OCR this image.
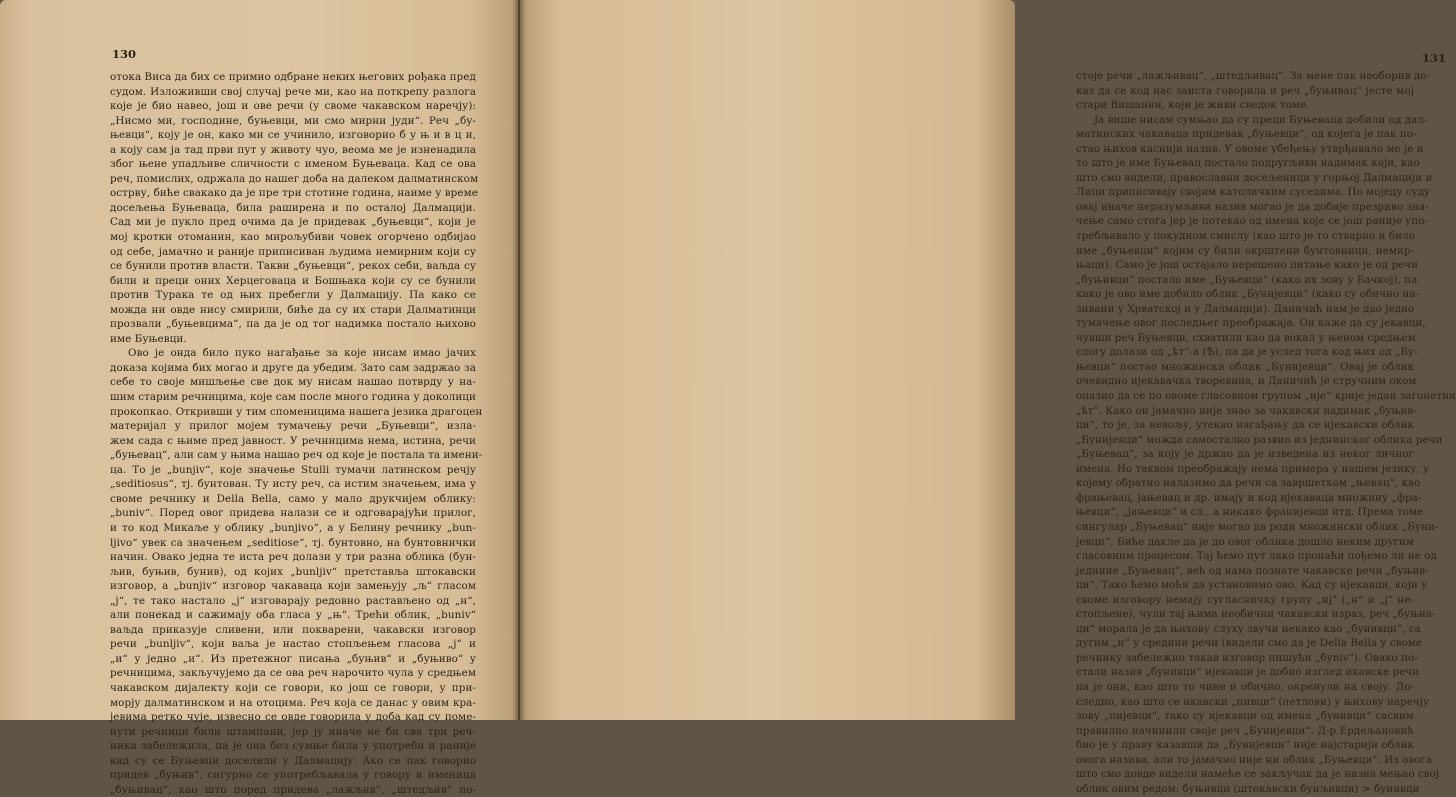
130
отока Виса да бих се примио одбране неких његових рођака пред
судом. Изложивши свој случај рече ми, као на поткрепу разлога
које је био навео, још и ове речи (у своме чакавском наречју):
„Нисмо ми, господине, буњевци, ми смо мирни јуди“. Реч „бу-
њевци“, коју је он, како ми се учинило, изговорио б у њ и в ц и,
а коју сам ја тад први пут у животу чуо, веома ме је изненадила
због њене упадљиве сличности с именом Буњеваца. Кад се ова
реч, помислих, одржала до нашег доба на далеком далматинском
острву, биће свакако да је пре три стотине година, наиме у време
досељења Буњеваца, била раширена и по осталој Далмацији.
Сад ми је пукло пред очима да је придевак „буњевци“, који је
мој кротки отоманин, као мирољубиви човек огорчено одбијао
од себе, јамачно и раније приписиван људима немирним који су
се бунили против власти. Такви „буњевци“, рекох себи, ваљда су
били и преци оних Херцеговаца и Бошњака који су се бунили
против Турака те од њих пребегли у Далмацију. Па како се
можда ни овде нису смирили, биће да су их стари Далматинци
прозвали „буњевцима“, па да је од тог надимка постало њихово
име Буњевци.
Ово је онда било пуко нагађање за које нисам имао јачих
доказа којима бих могао и друге да убедим. Зато сам задржао за
себе то своје мишљење све док му нисам нашао потврду у на-
шим старим речницима, које сам после много година у доколици
прокопкао. Откривши у тим споменицима нашега језика драгоцен
материјал у прилог мојем тумачењу речи „Буњевци“, изла-
жем сада с њиме пред јавност. У речницима нема, истина, речи
„буњевац“, али сам у њима нашао реч од које је постала та имени-
ца. То је „bunjiv“, које значење Stulli тумачи латинском речју
„seditiosus“, тј. бунтован. Ту исту реч, са истим значењем, има у
своме речнику и Della Bella, само у мало друкчијем облику:
„buniv“. Поред овог придева налази се и одговарајући прилог,
и то код Микаље у облику „bunjivo“, а у Белину речнику „bun-
ljivo“ увек са значењем „seditiose“, тј. бунтовно, на бунтовнички
начин. Овако једна те иста реч долази у три разна облика (бун-
љив, буњив, бунив), од којих „bunljiv“ претставља штокавски
изговор, а „bunjiv“ изговор чакаваца који замењују „љ“ гласом
„ј“, те тако настало „ј“ изговарају редовно растављено од „н“,
али понекад и сажимају оба гласа у „њ“. Трећи облик, „buniv“
ваљда приказује сливени, или покварени, чакавски изговор
речи „bunljiv“, који ваља је настао стопљењем гласова „ј“ и
„и“ у једно „и“. Из претежног писања „буњив“ и „буњиво“ у
речницима, закључујемо да се ова реч нарочито чула у средњем
чакавском дијалекту који се говори, ко још се говори, у при-
морју далматинском и на отоцима. Реч која се данас у овим кра-
јевима ретко чује, извесно се овде говорила у доба кад су поме-
нути речници били штампани, јер ју иначе не би сва три реч-
ника забележила, па је она без сумње била у употреби и раније
кад су се Буњевци доселили у Далмацију. Ако се пак говорио
придев „буњив“, сигурно се употребљавала у говору и именица
„буњивац“, као што поред придева „лажљив“, „штедљив“ по-
131
стоје речи „лажљивац“, „штедљивац“. За мене пак необорив до-
каз да се код нас заиста говорила и реч „буњивац“ јесте мој
стари Вишанин, који је живи сведок томе.
Ја више нисам сумњао да су преци Буњеваца добили од дал-
матинских чакаваца придевак „буњевци“, од којега је пак по-
стао њихов каснији назив. У овоме убеђењу утврђивало ме је и
то што је име Буњевац постало подругљиви надимак који, као
што смо видели, православни досељеници у горњој Далмацији и
Лици приписивају својим католичким суседима. По моједу суду
овај иначе неразумљиви назив могао је да добије презриво зна-
чење само стога јер је потекао од имена које се још раније упо-
требљавало у покудном смислу (као што је то стварно и било
име „буњевци“ којим су били окрштени бунтовници, немир-
њаци). Само је још остајало нерешено питање како је од речи
„буњивци“ постало име „Буњевци“ (како их зову у Бачкој), па
како је ово име добило облик „Бунијевци“ (како су обично на-
зивани у Хрватској и у Далмацији). Даничић нам је дао једно
тумачење овог последњег преображаја. Он каже да су јекавци,
чувши реч Буњевци, схватили као да вокал у њеном средњем
слогу долази од „ѣт“-а (Ѣ), па да је услед тога код њих од „Бу-
њевци“ постао множински облик „Бунијевци“. Овај је облик
очевидно ијекавачка творевина, и Даничић је стручним оком
опазио да се по овоме гласовном групом „ије“ крије један загонетни
„ѣт“. Како он јамачно није знао за чакавски надимак „буњив-
ци“, то је, за невољу, утекао нагађању да се ијекавски облик
„Бунијевци“ можда самостално развио из једнинског облика речи
„Буњевац“, за коју је држао да је изведена из неког личног
имена. Но таквом преображају нема примера у нашем језику, у
којему обратно налазимо да речи са завршетком „њевац“, као
фрањевац, јањевац и др. имају и код ијекаваца множину „фра-
њевци“, „јањевци“ и сл., а никако франијевци итд. Према томе
сингулар „Буњевац“ није могао да роди множински облик „Буни-
јевци“. Биће дакле да је до овог облика дошло неким другим
гласовним процесом. Тај ћемо пут лако пронаћи пођемо ли не од
једнине „Буњевац“, већ од нама познате чакавске речи „буњив-
ци“. Тако ћемо моћи да установимо ово. Кад су ијекавци, који у
своме изговору немају сугласничку групу „нј“ („н“ и „ј“ не-
стопљене), чули тај њима необични чакавски израз, реч „буњив-
ци“ морала је да њихову слуху звучи некако као „бунивци“, са
дугим „и“ у средини речи (видели смо да је Della Bella у своме
речнику забележио такав изговор пишући „буniv“). Овако по-
стали назив „бунивци“ ијекавци је добио изглед икавске речи
па је они, као што то чине и обично, окренули на своју. До-
следно, као што се икавски „пивци“ (петлови) у њихову наречју
зову „пијевци“, тако су ијекавци од имена „бунивци“ сасвим
правилно начинили своје реч „Бунијевци“. Д-р Ердељановић
био је у праву казавши да „Бунијевци“ није најстарији облик
овога назива, али то јамачно није ни облик „Буњевци“. Из овога
што смо довде видели намеће се закључак да је назив мењао свој
облик овим редом: буњивци (штокавски бунљивци) > бунивци
